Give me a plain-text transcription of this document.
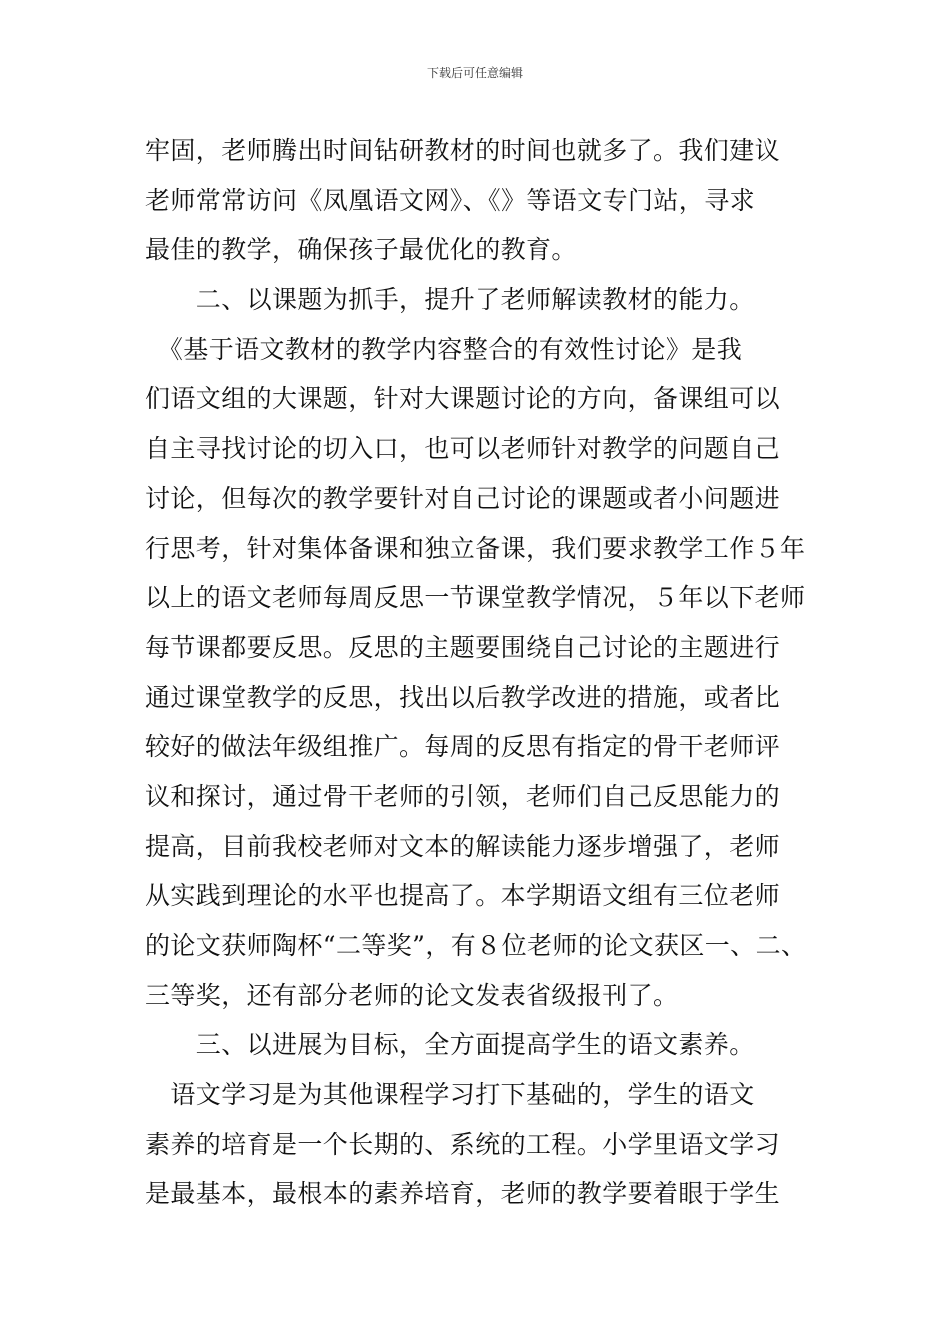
下载后可任意编辑
牢固，老师腾出时间钻研教材的时间也就多了。我们建议
老师常常访问《凤凰语文网》、《》等语文专门站，寻求
最佳的教学，确保孩子最优化的教育。
　　二、以课题为抓手，提升了老师解读教材的能力。
　《基于语文教材的教学内容整合的有效性讨论》是我
们语文组的大课题，针对大课题讨论的方向，备课组可以
自主寻找讨论的切入口，也可以老师针对教学的问题自己
讨论，但每次的教学要针对自己讨论的课题或者小问题进
行思考，针对集体备课和独立备课，我们要求教学工作５年
以上的语文老师每周反思一节课堂教学情况，５年以下老师
每节课都要反思。反思的主题要围绕自己讨论的主题进行
通过课堂教学的反思，找出以后教学改进的措施，或者比
较好的做法年级组推广。每周的反思有指定的骨干老师评
议和探讨，通过骨干老师的引领，老师们自己反思能力的
提高，目前我校老师对文本的解读能力逐步增强了，老师
从实践到理论的水平也提高了。本学期语文组有三位老师
的论文获师陶杯“二等奖”，有８位老师的论文获区一、二、
三等奖，还有部分老师的论文发表省级报刊了。
　　三、以进展为目标，全方面提高学生的语文素养。
　语文学习是为其他课程学习打下基础的，学生的语文
素养的培育是一个长期的、系统的工程。小学里语文学习
是最基本，最根本的素养培育，老师的教学要着眼于学生
